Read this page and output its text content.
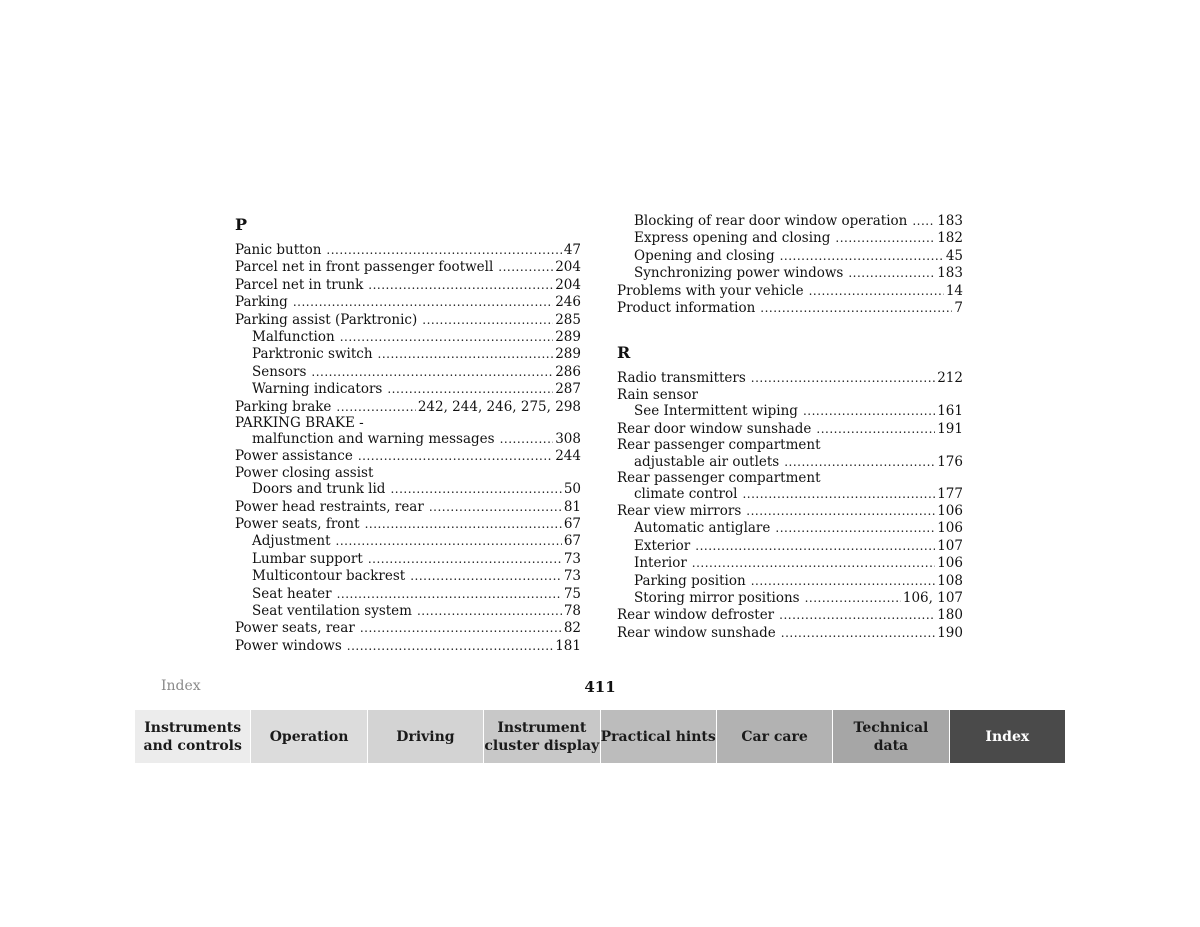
P
Panic button .....	47
Parcel net in front passenger footwell .....	204
Parcel net in trunk .....	204
Parking .....	246
Parking assist (Parktronic) .....	285
Malfunction .....	289
Parktronic switch .....	289
Sensors .....	286
Warning indicators .....	287
Parking brake .....	242, 244, 246, 275, 298
PARKING BRAKE -
malfunction and warning messages .....	308
Power assistance .....	244
Power closing assist
Doors and trunk lid .....	50
Power head restraints, rear .....	81
Power seats, front .....	67
Adjustment .....	67
Lumbar support .....	73
Multicontour backrest .....	73
Seat heater .....	75
Seat ventilation system .....	78
Power seats, rear .....	82
Power windows .....	181
Blocking of rear door window operation ..... 183
Express opening and closing .....	182
Opening and closing .....	45
Synchronizing power windows .....	183
Problems with your vehicle .....	14
Product information .....	7
R
Radio transmitters .....	212
Rain sensor
See Intermittent wiping .....	161
Rear door window sunshade .....	191
Rear passenger compartment
adjustable air outlets .....	176
Rear passenger compartment
climate control .....	177
Rear view mirrors .....	106
Automatic antiglare .....	106
Exterior .....	107
Interior .....	106
Parking position .....	108
Storing mirror positions .....	106, 107
Rear window defroster .....	180
Rear window sunshade .....	190
Index	411
Instruments
and controls
Operation	Driving
Instrument
cluster display
Practical hints Car care
Technical
data
Index
